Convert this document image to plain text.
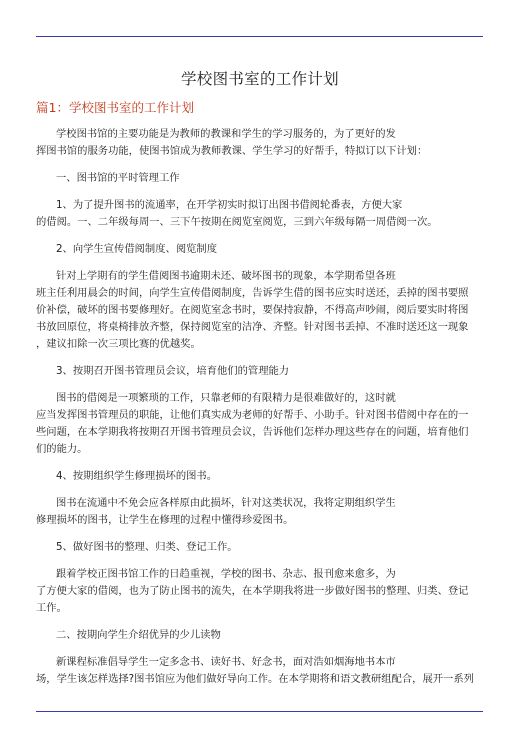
学校图书室的工作计划
篇1：学校图书室的工作计划
学校图书馆的主要功能是为教师的教课和学生的学习服务的，为了更好的发
挥图书馆的服务功能，使图书馆成为教师教课、学生学习的好帮手，特拟订以下计划：
一、图书馆的平时管理工作
1、为了提升图书的流通率，在开学初实时拟订出图书借阅轮番表，方便大家
的借阅。一、二年级每周一、三下午按期在阅览室阅览，三到六年级每隔一周借阅一次。
2、向学生宣传借阅制度、阅览制度
针对上学期有的学生借阅图书逾期未还、破坏图书的现象，本学期希望各班
班主任利用晨会的时间，向学生宣传借阅制度，告诉学生借的图书应实时送还，丢掉的图书要照
价补偿，破坏的图书要修理好。在阅览室念书时，要保持寂静，不得高声吵闹，阅后要实时将图
书放回原位，将桌椅排放齐整，保持阅览室的洁净、齐整。针对图书丢掉、不准时送还这一现象
，建议扣除一次三项比赛的优越奖。
3、按期召开图书管理员会议，培育他们的管理能力
图书的借阅是一项繁琐的工作，只靠老师的有限精力是很难做好的，这时就
应当发挥图书管理员的职能，让他们真实成为老师的好帮手、小助手。针对图书借阅中存在的一
些问题，在本学期我将按期召开图书管理员会议，告诉他们怎样办理这些存在的问题，培育他们
们的能力。
4、按期组织学生修理损坏的图书。
图书在流通中不免会应各样原由此损坏，针对这类状况，我将定期组织学生
修理损坏的图书，让学生在修理的过程中懂得珍爱图书。
5、做好图书的整理、归类、登记工作。
跟着学校正图书馆工作的日趋重视，学校的图书、杂志、报刊愈来愈多，为
了方便大家的借阅，也为了防止图书的流失，在本学期我将进一步做好图书的整理、归类、登记
工作。
二、按期向学生介绍优异的少儿读物
新课程标准倡导学生一定多念书、读好书、好念书，面对浩如烟海地书本市
场，学生该怎样选择?图书馆应为他们做好导向工作。在本学期将和语文教研组配合，展开一系列
